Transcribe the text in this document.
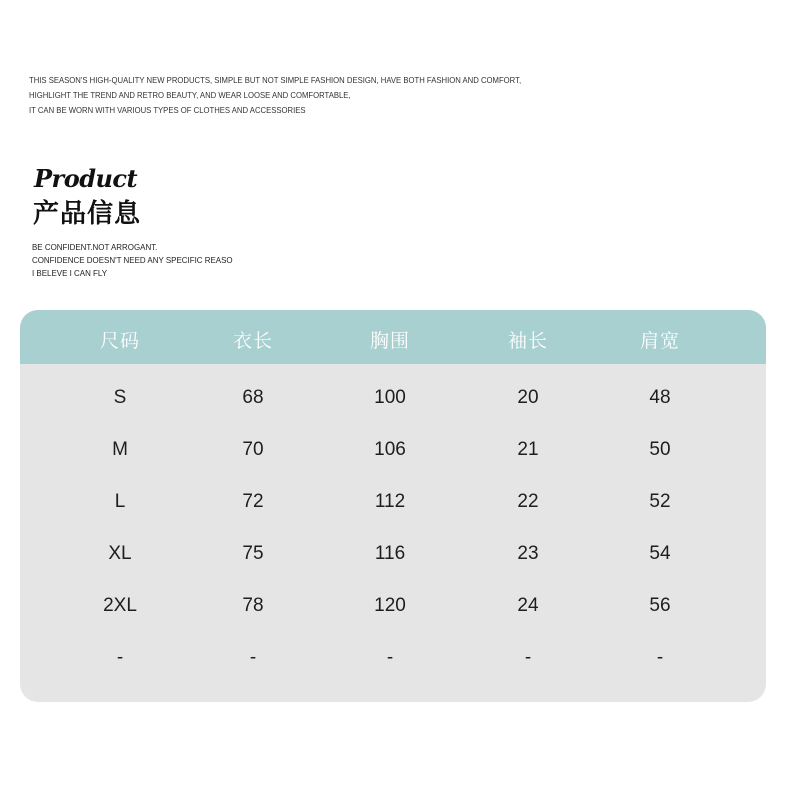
THIS SEASON'S HIGH-QUALITY NEW PRODUCTS, SIMPLE BUT NOT SIMPLE FASHION DESIGN, HAVE BOTH FASHION AND COMFORT,
HIGHLIGHT THE TREND AND RETRO BEAUTY, AND WEAR LOOSE AND COMFORTABLE,
IT CAN BE WORN WITH VARIOUS TYPES OF CLOTHES AND ACCESSORIES
Product
产品信息
BE CONFIDENT.NOT ARROGANT.
CONFIDENCE DOESN'T NEED ANY SPECIFIC REASO
I BELEVE I CAN FLY
尺码	衣长	胸围	袖长	肩宽
S	68	100	20	48
M	70	106	21	50
L	72	112	22	52
XL	75	116	23	54
2XL	78	120	24	56
-	-	-	-	-
